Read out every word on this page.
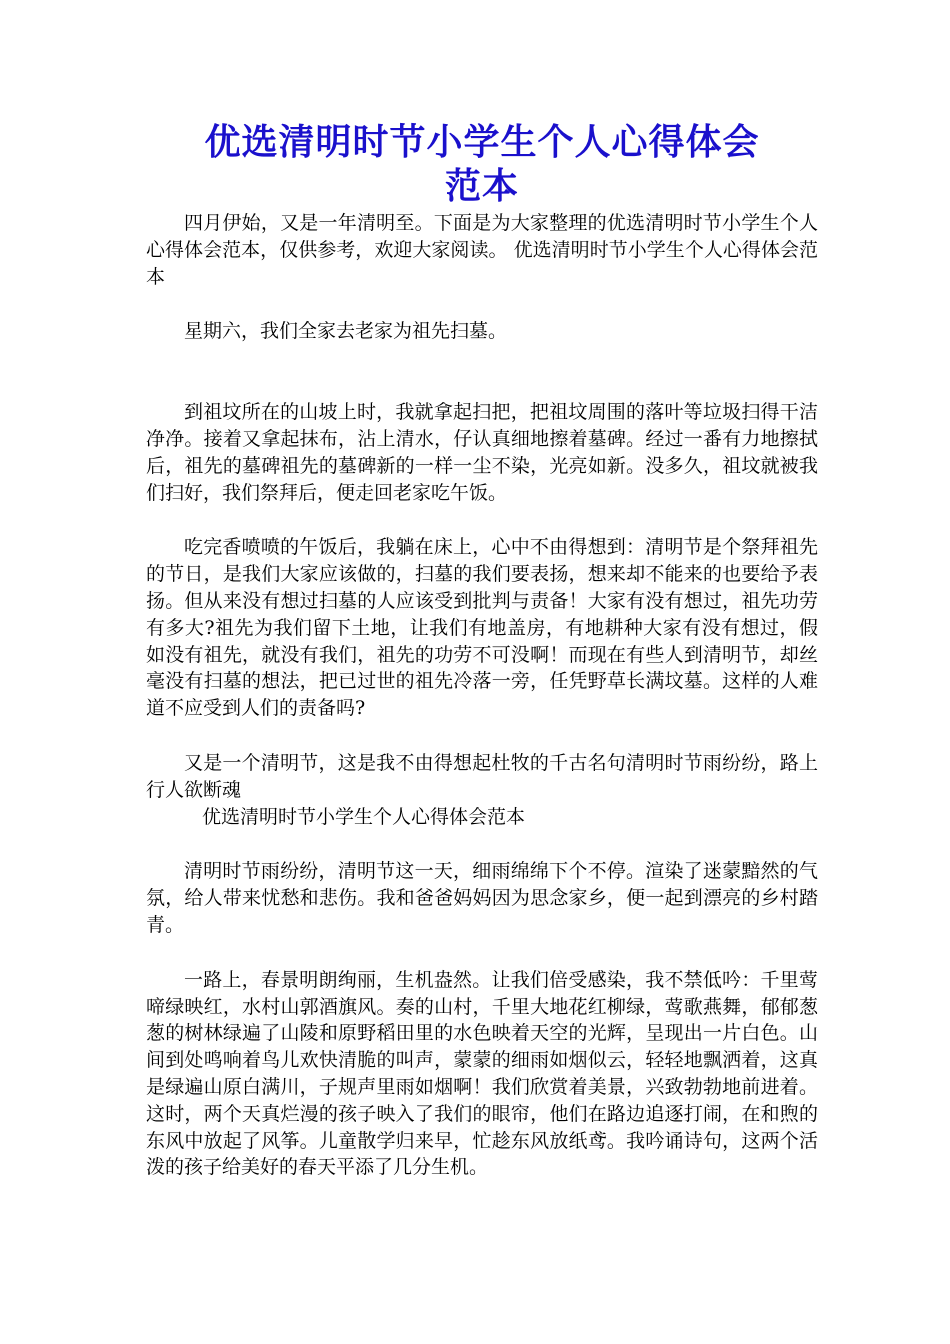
优选清明时节小学生个人心得体会
范本

四月伊始，又是一年清明至。下面是为大家整理的优选清明时节小学生个人心得体会范本，仅供参考，欢迎大家阅读。 优选清明时节小学生个人心得体会范本

星期六，我们全家去老家为祖先扫墓。

到祖坟所在的山坡上时，我就拿起扫把，把祖坟周围的落叶等垃圾扫得干洁净净。接着又拿起抹布，沾上清水，仔认真细地擦着墓碑。经过一番有力地擦拭后，祖先的墓碑祖先的墓碑新的一样一尘不染，光亮如新。没多久，祖坟就被我们扫好，我们祭拜后，便走回老家吃午饭。

吃完香喷喷的午饭后，我躺在床上，心中不由得想到：清明节是个祭拜祖先的节日，是我们大家应该做的，扫墓的我们要表扬，想来却不能来的也要给予表扬。但从来没有想过扫墓的人应该受到批判与责备！大家有没有想过，祖先功劳有多大?祖先为我们留下土地，让我们有地盖房，有地耕种大家有没有想过，假如没有祖先，就没有我们，祖先的功劳不可没啊！而现在有些人到清明节，却丝毫没有扫墓的想法，把已过世的祖先冷落一旁，任凭野草长满坟墓。这样的人难道不应受到人们的责备吗?

又是一个清明节，这是我不由得想起杜牧的千古名句清明时节雨纷纷，路上行人欲断魂

优选清明时节小学生个人心得体会范本

清明时节雨纷纷，清明节这一天，细雨绵绵下个不停。渲染了迷蒙黯然的气氛，给人带来忧愁和悲伤。我和爸爸妈妈因为思念家乡，便一起到漂亮的乡村踏青。

一路上，春景明朗绚丽，生机盎然。让我们倍受感染，我不禁低吟：千里莺啼绿映红，水村山郭酒旗风。奏的山村，千里大地花红柳绿，莺歌燕舞，郁郁葱葱的树林绿遍了山陵和原野稻田里的水色映着天空的光辉，呈现出一片白色。山间到处鸣响着鸟儿欢快清脆的叫声，蒙蒙的细雨如烟似云，轻轻地飘洒着，这真是绿遍山原白满川，子规声里雨如烟啊！我们欣赏着美景，兴致勃勃地前进着。这时，两个天真烂漫的孩子映入了我们的眼帘，他们在路边追逐打闹，在和煦的东风中放起了风筝。儿童散学归来早，忙趁东风放纸鸢。我吟诵诗句，这两个活泼的孩子给美好的春天平添了几分生机。
